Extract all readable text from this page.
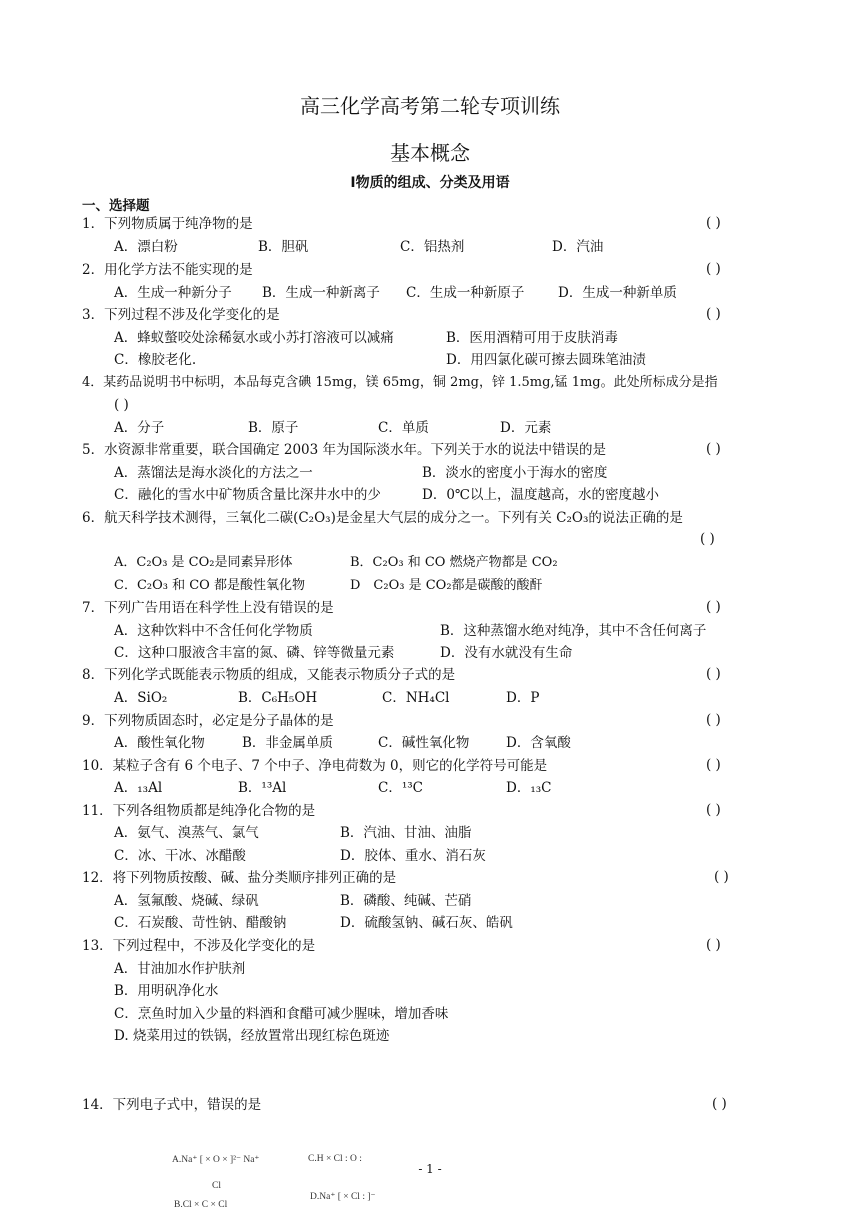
高三化学高考第二轮专项训练
基本概念
Ⅰ物质的组成、分类及用语
一、选择题
1．下列物质属于纯净物的是	( )
A．漂白粉	B．胆矾	C．铝热剂	D．汽油
2．用化学方法不能实现的是	( )
A．生成一种新分子 B．生成一种新离子 C．生成一种新原子 D．生成一种新单质
3．下列过程不涉及化学变化的是	( )
A．蜂蚁螫咬处涂稀氨水或小苏打溶液可以减痛	B．医用酒精可用于皮肤消毒
C．橡胶老化.	D．用四氯化碳可擦去圆珠笔油渍
4．某药品说明书中标明，本品每克含碘 15mg，镁 65mg，铜 2mg，锌 1.5mg,锰 1mg。此处所标成分是指
( )
A．分子	B．原子	C．单质	D．元素
5．水资源非常重要，联合国确定 2003 年为国际淡水年。下列关于水的说法中错误的是	( )
A．蒸馏法是海水淡化的方法之一	B．淡水的密度小于海水的密度
C．融化的雪水中矿物质含量比深井水中的少	D．0℃以上，温度越高，水的密度越小
6．航天科学技术测得，三氧化二碳(C₂O₃)是金星大气层的成分之一。下列有关 C₂O₃的说法正确的是
( )
A．C₂O₃ 是 CO₂是同素异形体	B．C₂O₃ 和 CO 燃烧产物都是 CO₂
C．C₂O₃ 和 CO 都是酸性氧化物	D　C₂O₃ 是 CO₂都是碳酸的酸酐
7．下列广告用语在科学性上没有错误的是	( )
A．这种饮料中不含任何化学物质	B．这种蒸馏水绝对纯净，其中不含任何离子
C．这种口服液含丰富的氮、磷、锌等微量元素	D．没有水就没有生命
8．下列化学式既能表示物质的组成，又能表示物质分子式的是	( )
A．SiO₂	B．C₆H₅OH	C．NH₄Cl	D．P
9．下列物质固态时，必定是分子晶体的是	( )
A．酸性氧化物	B．非金属单质	C．碱性氧化物	D．含氧酸
10．某粒子含有 6 个电子、7 个中子、净电荷数为 0，则它的化学符号可能是	( )
A．₁₃Al	B．¹³Al	C．¹³C	D．₁₃C
11．下列各组物质都是纯净化合物的是	( )
A．氨气、溴蒸气、氯气	B．汽油、甘油、油脂
C．冰、干冰、冰醋酸	D．胶体、重水、消石灰
12．将下列物质按酸、碱、盐分类顺序排列正确的是	( )
A．氢氟酸、烧碱、绿矾	B．磷酸、纯碱、芒硝
C．石炭酸、苛性钠、醋酸钠	D．硫酸氢钠、碱石灰、皓矾
13．下列过程中，不涉及化学变化的是	( )
A．甘油加水作护肤剂
B．用明矾净化水
C．烹鱼时加入少量的料酒和食醋可减少腥味，增加香味
D. 烧菜用过的铁锅，经放置常出现红棕色斑迹
14．下列电子式中，错误的是	( )
A.Na⁺ [ × O × ]²⁻ Na⁺	C.H × Cl : O :
Cl
B.Cl × C × Cl
D.Na⁺ [ × Cl : ]⁻
- 1 -
